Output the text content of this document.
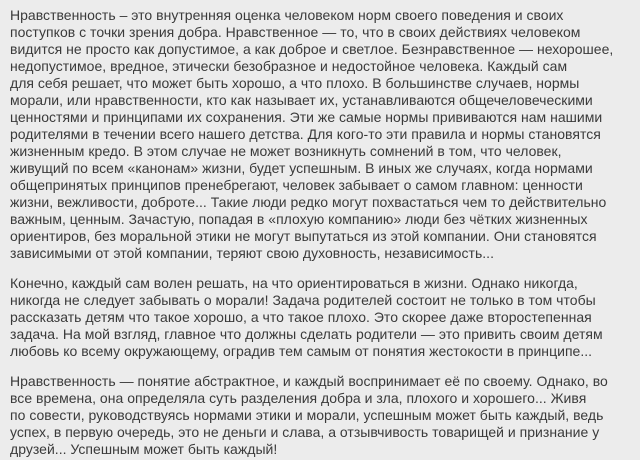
Нравственность – это внутренняя оценка человеком норм своего поведения и своих
поступков с точки зрения добра. Нравственное — то, что в своих действиях человеком
видится не просто как допустимое, а как доброе и светлое. Безнравственное — нехорошее,
недопустимое, вредное, этически безобразное и недостойное человека. Каждый сам
для себя решает, что может быть хорошо, а что плохо. В большинстве случаев, нормы
морали, или нравственности, кто как называет их, устанавливаются общечеловеческими
ценностями и принципами их сохранения. Эти же самые нормы прививаются нам нашими
родителями в течении всего нашего детства. Для кого-то эти правила и нормы становятся
жизненным кредо. В этом случае не может возникнуть сомнений в том, что человек,
живущий по всем «канонам» жизни, будет успешным. В иных же случаях, когда нормами
общепринятых принципов пренебрегают, человек забывает о самом главном: ценности
жизни, вежливости, доброте... Такие люди редко могут похвастаться чем то действительно
важным, ценным. Зачастую, попадая в «плохую компанию» люди без чётких жизненных
ориентиров, без моральной этики не могут выпутаться из этой компании. Они становятся
зависимыми от этой компании, теряют свою духовность, независимость...

Конечно, каждый сам волен решать, на что ориентироваться в жизни. Однако никогда,
никогда не следует забывать о морали! Задача родителей состоит не только в том чтобы
рассказать детям что такое хорошо, а что такое плохо. Это скорее даже второстепенная
задача. На мой взгляд, главное что должны сделать родители — это привить своим детям
любовь ко всему окружающему, оградив тем самым от понятия жестокости в принципе...

Нравственность — понятие абстрактное, и каждый воспринимает её по своему. Однако, во
все времена, она определяла суть разделения добра и зла, плохого и хорошего... Живя
по совести, руководствуясь нормами этики и морали, успешным может быть каждый, ведь
успех, в первую очередь, это не деньги и слава, а отзывчивость товарищей и признание у
друзей... Успешным может быть каждый!
